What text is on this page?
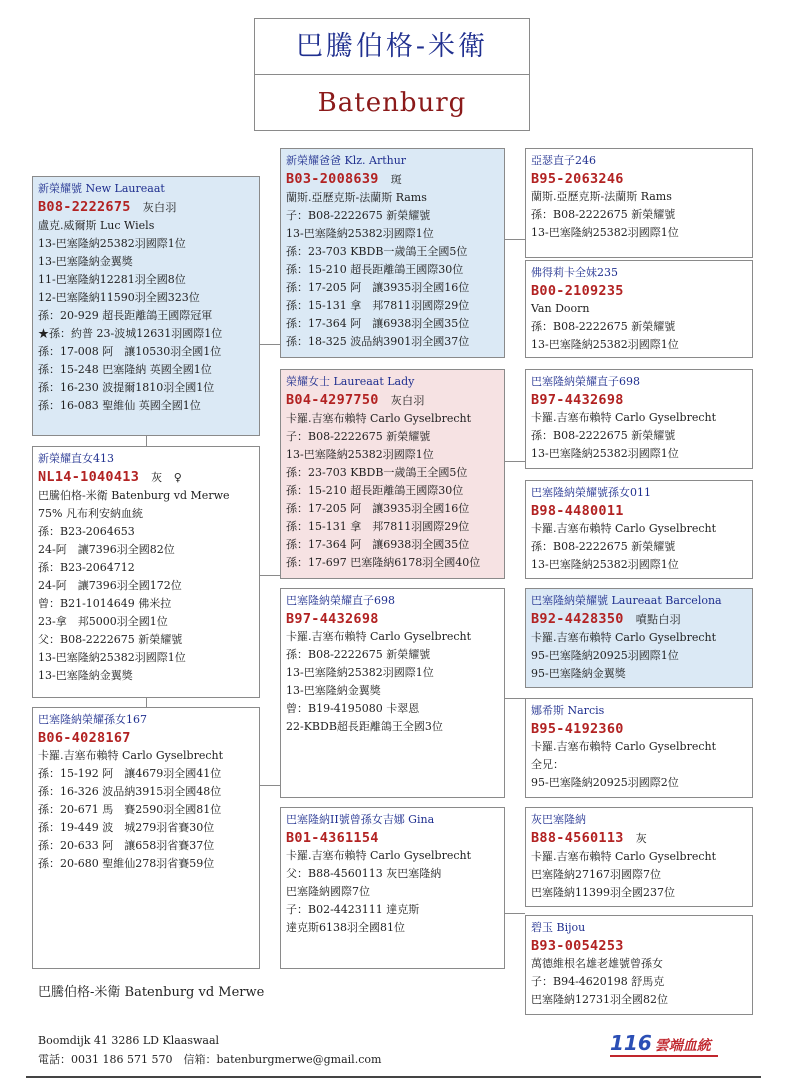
巴騰伯格-米衛
Batenburg
新榮耀號 New Laureaat
B08-2222675 灰白羽
盧克.威爾斯 Luc Wiels
13-巴塞隆納25382羽國際1位
13-巴塞隆納金翼獎
11-巴塞隆納12281羽全國8位
12-巴塞隆納11590羽全國323位
孫：20-929 超長距離鴿王國際冠軍
★孫：約普 23-波城12631羽國際1位
孫：17-008 阿　讓10530羽全國1位
孫：15-248 巴塞隆納 英國全國1位
孫：16-230 波提爾1810羽全國1位
孫：16-083 聖維仙 英國全國1位
新榮耀直女413
NL14-1040413 灰　♀
巴騰伯格-米衛 Batenburg vd Merwe
75% 凡布利安納血統
孫：B23-2064653
24-阿　讓7396羽全國82位
孫：B23-2064712
24-阿　讓7396羽全國172位
曾：B21-1014649 佛米拉
23-拿　邦5000羽全國1位
父：B08-2222675 新榮耀號
13-巴塞隆納25382羽國際1位
13-巴塞隆納金翼獎
巴塞隆納榮耀孫女167
B06-4028167
卡羅.吉塞布賴特 Carlo Gyselbrecht
孫：15-192 阿　讓4679羽全國41位
孫：16-326 波品納3915羽全國48位
孫：20-671 馬　賽2590羽全國81位
孫：19-449 波　城279羽省賽30位
孫：20-633 阿　讓658羽省賽37位
孫：20-680 聖維仙278羽省賽59位
新榮耀爸爸 Klz. Arthur
B03-2008639 斑
蘭斯.亞歷克斯-法蘭斯 Rams
子：B08-2222675 新榮耀號
13-巴塞隆納25382羽國際1位
孫：23-703 KBDB一歲鴿王全國5位
孫：15-210 超長距離鴿王國際30位
孫：17-205 阿　讓3935羽全國16位
孫：15-131 拿　邦7811羽國際29位
孫：17-364 阿　讓6938羽全國35位
孫：18-325 波品納3901羽全國37位
榮耀女士 Laureaat Lady
B04-4297750 灰白羽
卡羅.吉塞布賴特 Carlo Gyselbrecht
子：B08-2222675 新榮耀號
13-巴塞隆納25382羽國際1位
孫：23-703 KBDB一歲鴿王全國5位
孫：15-210 超長距離鴿王國際30位
孫：17-205 阿　讓3935羽全國16位
孫：15-131 拿　邦7811羽國際29位
孫：17-364 阿　讓6938羽全國35位
孫：17-697 巴塞隆納6178羽全國40位
巴塞隆納榮耀直子698
B97-4432698
卡羅.吉塞布賴特 Carlo Gyselbrecht
孫：B08-2222675 新榮耀號
13-巴塞隆納25382羽國際1位
13-巴塞隆納金翼獎
曾：B19-4195080 卡翠恩
22-KBDB超長距離鴿王全國3位
巴塞隆納II號曾孫女吉娜 Gina
B01-4361154
卡羅.吉塞布賴特 Carlo Gyselbrecht
父：B88-4560113 灰巴塞隆納
巴塞隆納國際7位
子：B02-4423111 達克斯
達克斯6138羽全國81位
亞瑟直子246
B95-2063246
蘭斯.亞歷克斯-法蘭斯 Rams
孫：B08-2222675 新榮耀號
13-巴塞隆納25382羽國際1位
佛得莉卡全妹235
B00-2109235
Van Doorn
孫：B08-2222675 新榮耀號
13-巴塞隆納25382羽國際1位
巴塞隆納榮耀直子698
B97-4432698
卡羅.吉塞布賴特 Carlo Gyselbrecht
孫：B08-2222675 新榮耀號
13-巴塞隆納25382羽國際1位
巴塞隆納榮耀號孫女011
B98-4480011
卡羅.吉塞布賴特 Carlo Gyselbrecht
孫：B08-2222675 新榮耀號
13-巴塞隆納25382羽國際1位
巴塞隆納榮耀號 Laureaat Barcelona
B92-4428350 噴點白羽
卡羅.吉塞布賴特 Carlo Gyselbrecht
95-巴塞隆納20925羽國際1位
95-巴塞隆納金翼獎
娜希斯 Narcis
B95-4192360
卡羅.吉塞布賴特 Carlo Gyselbrecht
全兄：
95-巴塞隆納20925羽國際2位
灰巴塞隆納
B88-4560113 灰
卡羅.吉塞布賴特 Carlo Gyselbrecht
巴塞隆納27167羽國際7位
巴塞隆納11399羽全國237位
碧玉 Bijou
B93-0054253
萬德維根名雄老雄號曾孫女
子：B94-4620198 舒馬克
巴塞隆納12731羽全國82位
巴騰伯格-米衛 Batenburg vd Merwe
Boomdijk 41 3286 LD Klaaswaal
電話：0031 186 571 570　信箱：batenburgmerwe@gmail.com
116 雲端血統
